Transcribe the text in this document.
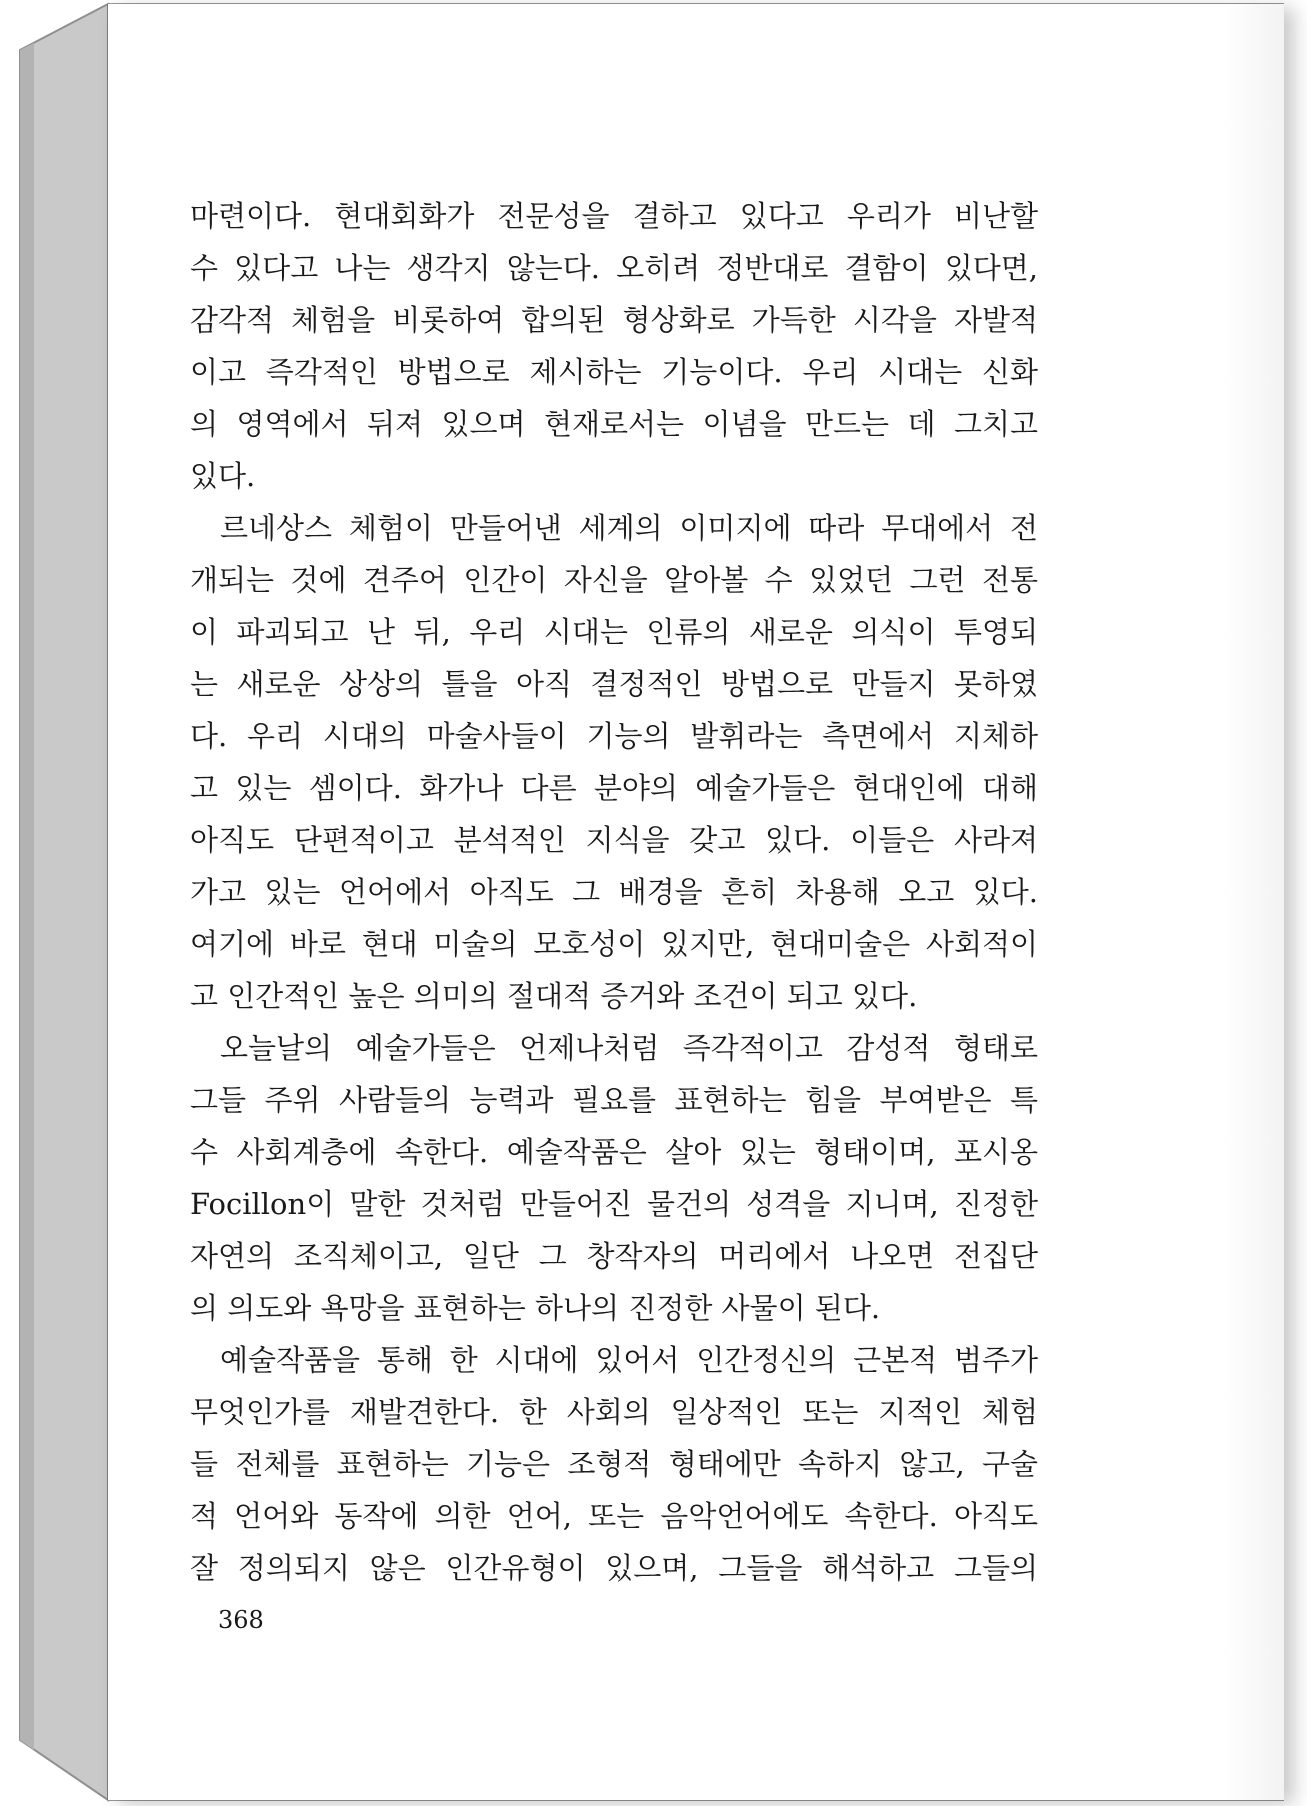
마련이다. 현대회화가 전문성을 결하고 있다고 우리가 비난할
수 있다고 나는 생각지 않는다. 오히려 정반대로 결함이 있다면,
감각적 체험을 비롯하여 합의된 형상화로 가득한 시각을 자발적
이고 즉각적인 방법으로 제시하는 기능이다. 우리 시대는 신화
의 영역에서 뒤져 있으며 현재로서는 이념을 만드는 데 그치고
있다.
르네상스 체험이 만들어낸 세계의 이미지에 따라 무대에서 전
개되는 것에 견주어 인간이 자신을 알아볼 수 있었던 그런 전통
이 파괴되고 난 뒤, 우리 시대는 인류의 새로운 의식이 투영되
는 새로운 상상의 틀을 아직 결정적인 방법으로 만들지 못하였
다. 우리 시대의 마술사들이 기능의 발휘라는 측면에서 지체하
고 있는 셈이다. 화가나 다른 분야의 예술가들은 현대인에 대해
아직도 단편적이고 분석적인 지식을 갖고 있다. 이들은 사라져
가고 있는 언어에서 아직도 그 배경을 흔히 차용해 오고 있다.
여기에 바로 현대 미술의 모호성이 있지만, 현대미술은 사회적이
고 인간적인 높은 의미의 절대적 증거와 조건이 되고 있다.
오늘날의 예술가들은 언제나처럼 즉각적이고 감성적 형태로
그들 주위 사람들의 능력과 필요를 표현하는 힘을 부여받은 특
수 사회계층에 속한다. 예술작품은 살아 있는 형태이며, 포시옹
Focillon이 말한 것처럼 만들어진 물건의 성격을 지니며, 진정한
자연의 조직체이고, 일단 그 창작자의 머리에서 나오면 전집단
의 의도와 욕망을 표현하는 하나의 진정한 사물이 된다.
예술작품을 통해 한 시대에 있어서 인간정신의 근본적 범주가
무엇인가를 재발견한다. 한 사회의 일상적인 또는 지적인 체험
들 전체를 표현하는 기능은 조형적 형태에만 속하지 않고, 구술
적 언어와 동작에 의한 언어, 또는 음악언어에도 속한다. 아직도
잘 정의되지 않은 인간유형이 있으며, 그들을 해석하고 그들의
368
